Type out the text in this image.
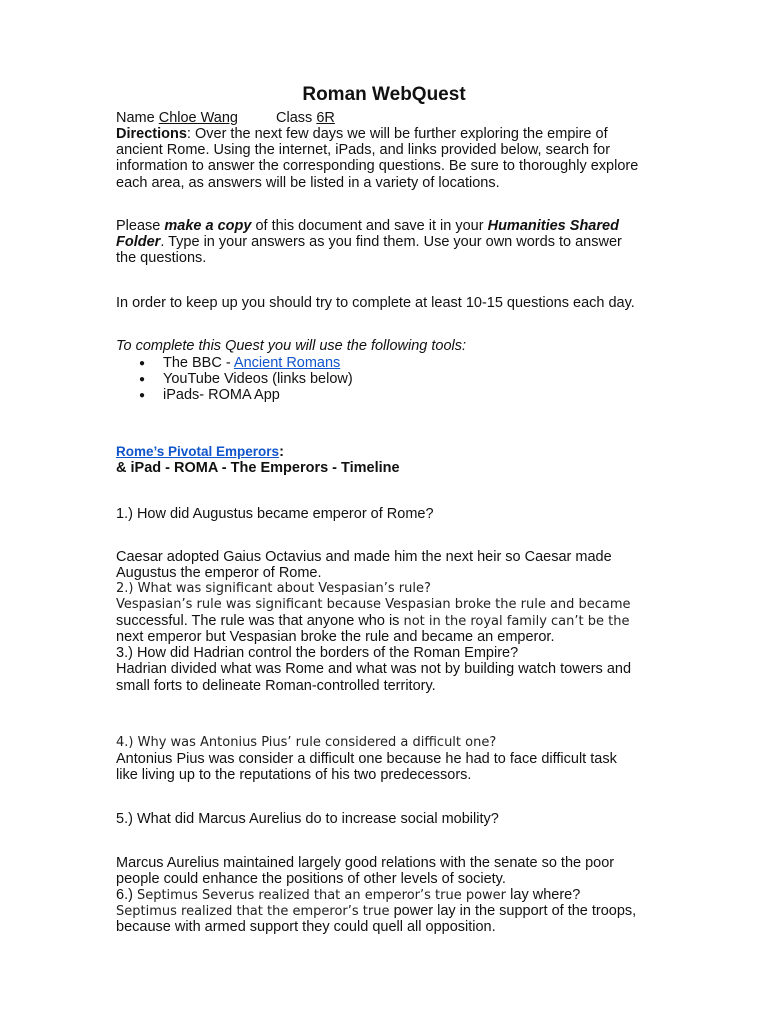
Roman WebQuest
Name Chloe Wang	Class 6R
Directions: Over the next few days we will be further exploring the empire of
ancient Rome. Using the internet, iPads, and links provided below, search for
information to answer the corresponding questions. Be sure to thoroughly explore
each area, as answers will be listed in a variety of locations.
Please make a copy of this document and save it in your Humanities Shared
Folder. Type in your answers as you find them. Use your own words to answer
the questions.
In order to keep up you should try to complete at least 10-15 questions each day.
To complete this Quest you will use the following tools:
● The BBC - Ancient Romans
● YouTube Videos (links below)
● iPads- ROMA App
Rome’s Pivotal Emperors:
& iPad - ROMA - The Emperors - Timeline
1.) How did Augustus became emperor of Rome?
Caesar adopted Gaius Octavius and made him the next heir so Caesar made
Augustus the emperor of Rome.
2.) What was significant about Vespasian’s rule?
Vespasian’s rule was significant because Vespasian broke the rule and became
successful. The rule was that anyone who is not in the royal family can’t be the
next emperor but Vespasian broke the rule and became an emperor.
3.) How did Hadrian control the borders of the Roman Empire?
Hadrian divided what was Rome and what was not by building watch towers and
small forts to delineate Roman-controlled territory.
4.) Why was Antonius Pius’ rule considered a difficult one?
Antonius Pius was consider a difficult one because he had to face difficult task
like living up to the reputations of his two predecessors.
5.) What did Marcus Aurelius do to increase social mobility?
Marcus Aurelius maintained largely good relations with the senate so the poor
people could enhance the positions of other levels of society.
6.) Septimus Severus realized that an emperor’s true power lay where?
Septimus realized that the emperor’s true power lay in the support of the troops,
because with armed support they could quell all opposition.
